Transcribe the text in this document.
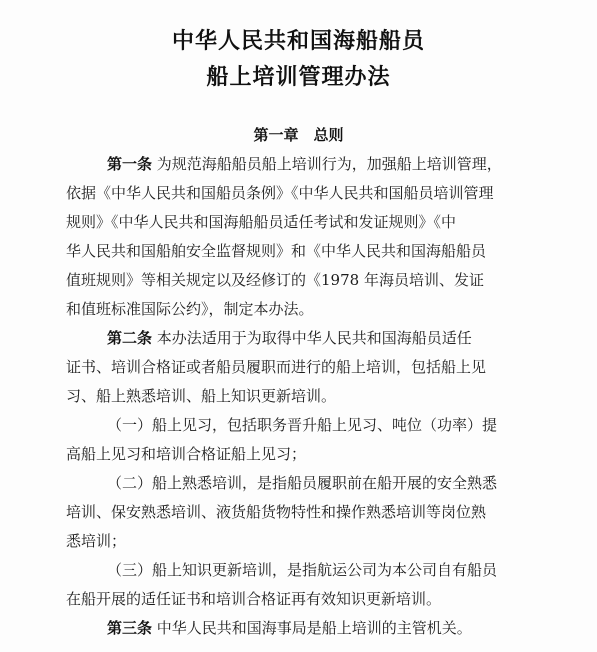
中华人民共和国海船船员
船上培训管理办法
第一章　总则
第一条 为规范海船船员船上培训行为，加强船上培训管理，
依据《中华人民共和国船员条例》《中华人民共和国船员培训管理
规则》《中华人民共和国海船船员适任考试和发证规则》《中
华人民共和国船舶安全监督规则》和《中华人民共和国海船船员
值班规则》等相关规定以及经修订的《1978 年海员培训、发证
和值班标准国际公约》，制定本办法。
第二条 本办法适用于为取得中华人民共和国海船员适任
证书、培训合格证或者船员履职而进行的船上培训，包括船上见
习、船上熟悉培训、船上知识更新培训。
（一）船上见习，包括职务晋升船上见习、吨位（功率）提
高船上见习和培训合格证船上见习；
（二）船上熟悉培训，是指船员履职前在船开展的安全熟悉
培训、保安熟悉培训、液货船货物特性和操作熟悉培训等岗位熟
悉培训；
（三）船上知识更新培训，是指航运公司为本公司自有船员
在船开展的适任证书和培训合格证再有效知识更新培训。
第三条 中华人民共和国海事局是船上培训的主管机关。
